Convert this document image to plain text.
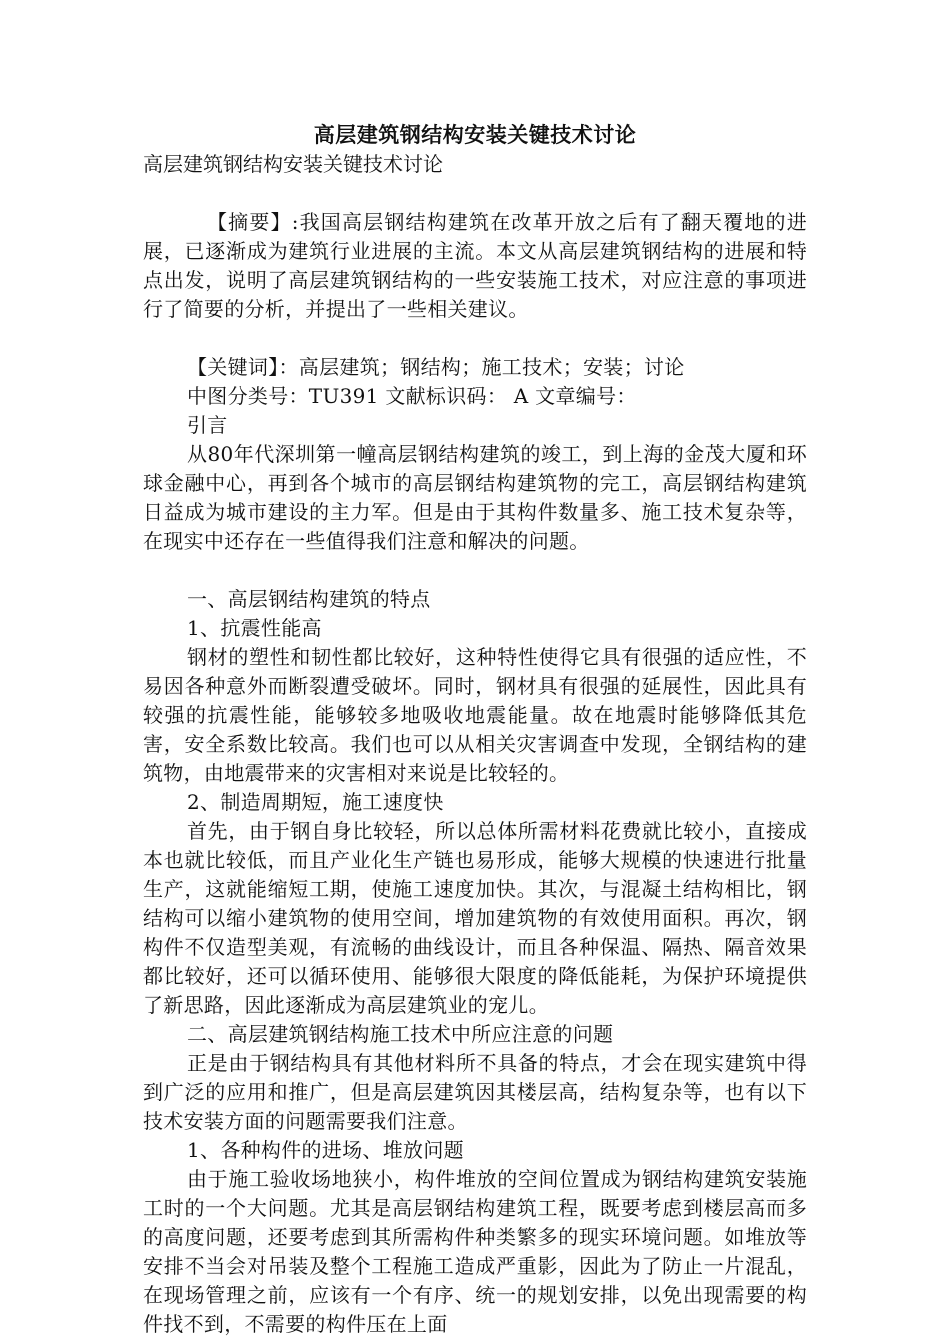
高层建筑钢结构安装关键技术讨论
高层建筑钢结构安装关键技术讨论

【摘要】:我国高层钢结构建筑在改革开放之后有了翻天覆地的进展，已逐渐成为建筑行业进展的主流。本文从高层建筑钢结构的进展和特点出发，说明了高层建筑钢结构的一些安装施工技术，对应注意的事项进行了简要的分析，并提出了一些相关建议。

【关键词】：高层建筑；钢结构；施工技术；安装；讨论

中图分类号：TU391 文献标识码： A 文章编号：

引言

从80年代深圳第一幢高层钢结构建筑的竣工，到上海的金茂大厦和环球金融中心，再到各个城市的高层钢结构建筑物的完工，高层钢结构建筑日益成为城市建设的主力军。但是由于其构件数量多、施工技术复杂等，在现实中还存在一些值得我们注意和解决的问题。

一、高层钢结构建筑的特点

1、抗震性能高

钢材的塑性和韧性都比较好，这种特性使得它具有很强的适应性，不易因各种意外而断裂遭受破坏。同时，钢材具有很强的延展性，因此具有较强的抗震性能，能够较多地吸收地震能量。故在地震时能够降低其危害，安全系数比较高。我们也可以从相关灾害调查中发现，全钢结构的建筑物，由地震带来的灾害相对来说是比较轻的。

2、制造周期短，施工速度快

首先，由于钢自身比较轻，所以总体所需材料花费就比较小，直接成本也就比较低，而且产业化生产链也易形成，能够大规模的快速进行批量生产，这就能缩短工期，使施工速度加快。其次，与混凝土结构相比，钢结构可以缩小建筑物的使用空间，增加建筑物的有效使用面积。再次，钢构件不仅造型美观，有流畅的曲线设计，而且各种保温、隔热、隔音效果都比较好，还可以循环使用、能够很大限度的降低能耗，为保护环境提供了新思路，因此逐渐成为高层建筑业的宠儿。

二、高层建筑钢结构施工技术中所应注意的问题

正是由于钢结构具有其他材料所不具备的特点，才会在现实建筑中得到广泛的应用和推广，但是高层建筑因其楼层高，结构复杂等，也有以下技术安装方面的问题需要我们注意。

1、各种构件的进场、堆放问题

由于施工验收场地狭小，构件堆放的空间位置成为钢结构建筑安装施工时的一个大问题。尤其是高层钢结构建筑工程，既要考虑到楼层高而多的高度问题，还要考虑到其所需构件种类繁多的现实环境问题。如堆放等安排不当会对吊装及整个工程施工造成严重影，因此为了防止一片混乱，在现场管理之前，应该有一个有序、统一的规划安排，以免出现需要的构件找不到，不需要的构件压在上面
